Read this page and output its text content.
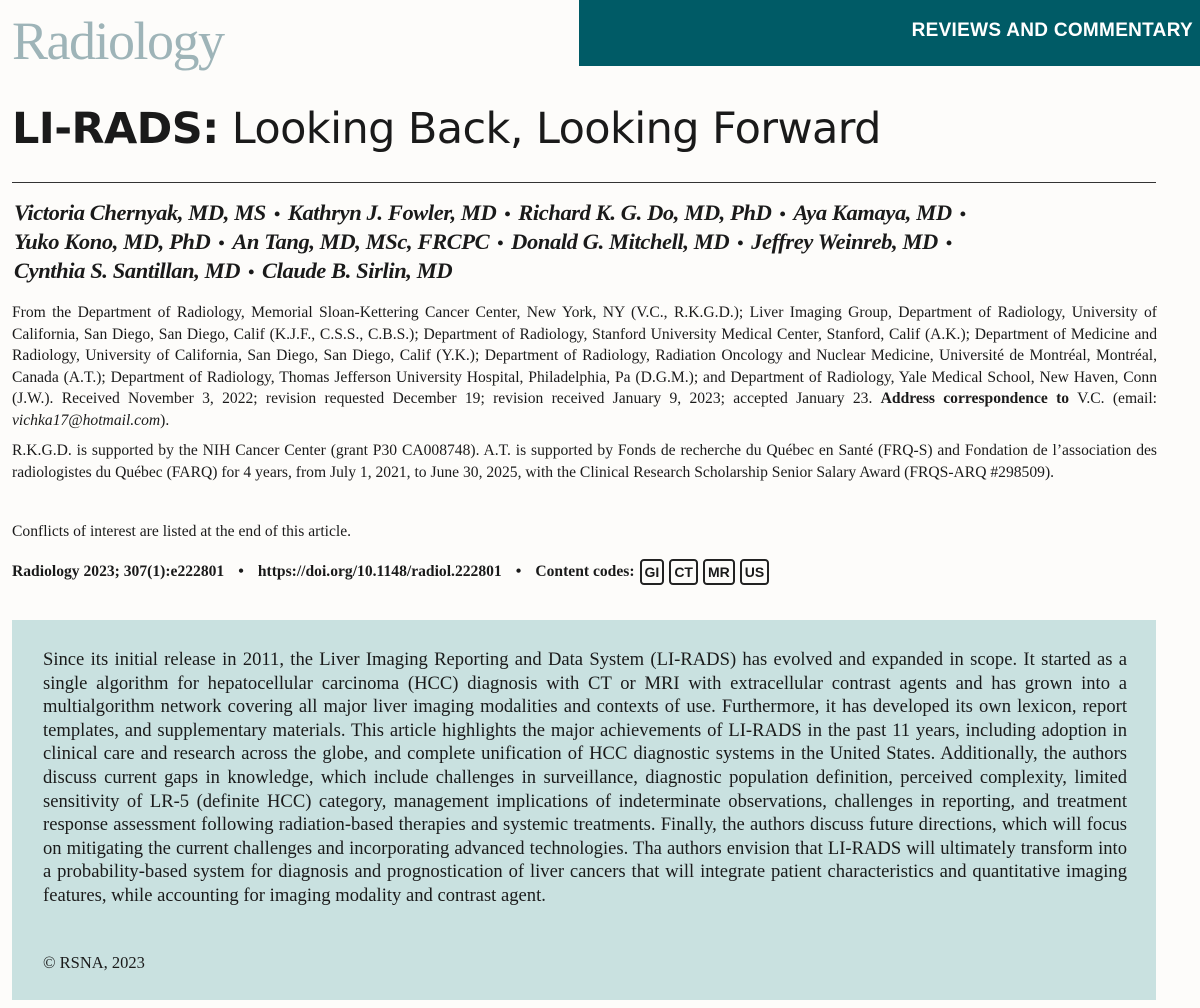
Radiology	REVIEWS AND COMMENTARY
LI-RADS: Looking Back, Looking Forward
Victoria Chernyak, MD, MS • Kathryn J. Fowler, MD • Richard K. G. Do, MD, PhD • Aya Kamaya, MD •
Yuko Kono, MD, PhD • An Tang, MD, MSc, FRCPC • Donald G. Mitchell, MD • Jeffrey Weinreb, MD •
Cynthia S. Santillan, MD • Claude B. Sirlin, MD
From the Department of Radiology, Memorial Sloan-Kettering Cancer Center, New York, NY (V.C., R.K.G.D.); Liver Imaging Group, Department of Radiology, University of California, San Diego, San Diego, Calif (K.J.F., C.S.S., C.B.S.); Department of Radiology, Stanford University Medical Center, Stanford, Calif (A.K.); Department of Medicine and Radiology, University of California, San Diego, San Diego, Calif (Y.K.); Department of Radiology, Radiation Oncology and Nuclear Medicine, Université de Montréal, Montréal, Canada (A.T.); Department of Radiology, Thomas Jefferson University Hospital, Philadelphia, Pa (D.G.M.); and Department of Radiology, Yale Medical School, New Haven, Conn (J.W.). Received November 3, 2022; revision requested December 19; revision received January 9, 2023; accepted January 23. Address correspondence to V.C. (email: vichka17@hotmail.com).
R.K.G.D. is supported by the NIH Cancer Center (grant P30 CA008748). A.T. is supported by Fonds de recherche du Québec en Santé (FRQ-S) and Fondation de l’association des radiologistes du Québec (FARQ) for 4 years, from July 1, 2021, to June 30, 2025, with the Clinical Research Scholarship Senior Salary Award (FRQS-ARQ #298509).
Conflicts of interest are listed at the end of this article.
Radiology 2023; 307(1):e222801 • https://doi.org/10.1148/radiol.222801 • Content codes: GI	CT	MR	US

Since its initial release in 2011, the Liver Imaging Reporting and Data System (LI-RADS) has evolved and expanded in scope. It started as a single algorithm for hepatocellular carcinoma (HCC) diagnosis with CT or MRI with extracellular contrast agents and has grown into a multialgorithm network covering all major liver imaging modalities and contexts of use. Furthermore, it has developed its own lexicon, report templates, and supplementary materials. This article highlights the major achievements of LI-RADS in the past 11 years, including adoption in clinical care and research across the globe, and complete unification of HCC diagnostic systems in the United States. Additionally, the authors discuss current gaps in knowledge, which include challenges in surveillance, diagnostic population definition, perceived complexity, limited sensitivity of LR-5 (definite HCC) category, management implications of indeterminate observations, challenges in reporting, and treatment response assessment following radiation-based therapies and systemic treatments. Finally, the authors discuss future directions, which will focus on mitigating the current challenges and incorporating advanced technologies. Tha authors envision that LI-RADS will ultimately transform into a probability-based system for diagnosis and prognostication of liver cancers that will integrate patient characteristics and quantitative imaging features, while accounting for imaging modality and contrast agent.

© RSNA, 2023
